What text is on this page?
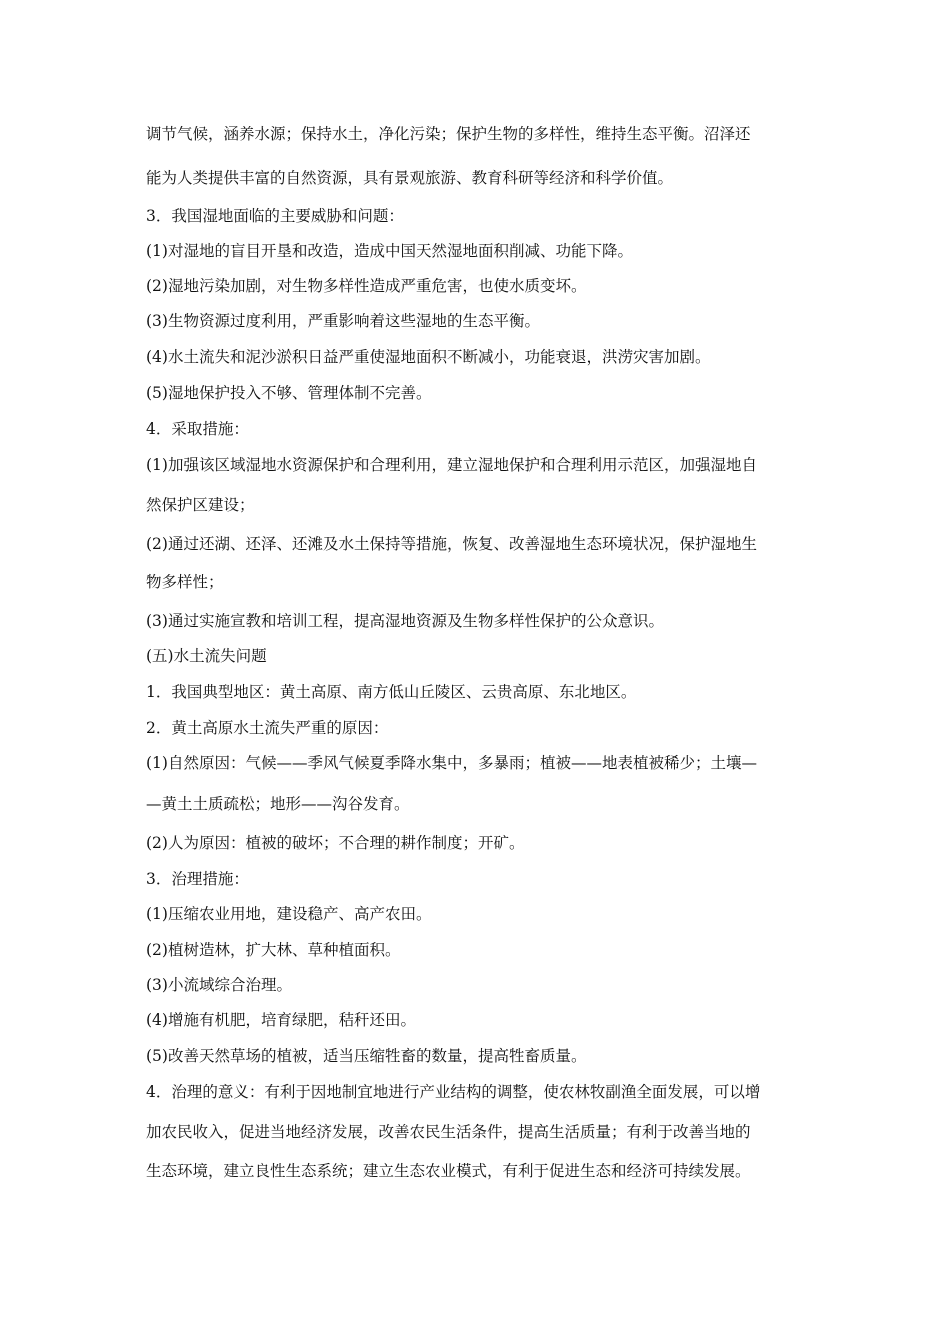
调节气候，涵养水源；保持水土，净化污染；保护生物的多样性，维持生态平衡。沼泽还
能为人类提供丰富的自然资源，具有景观旅游、教育科研等经济和科学价值。
3．我国湿地面临的主要威胁和问题：
(1)对湿地的盲目开垦和改造，造成中国天然湿地面积削减、功能下降。
(2)湿地污染加剧，对生物多样性造成严重危害，也使水质变坏。
(3)生物资源过度利用，严重影响着这些湿地的生态平衡。
(4)水土流失和泥沙淤积日益严重使湿地面积不断减小，功能衰退，洪涝灾害加剧。
(5)湿地保护投入不够、管理体制不完善。
4．采取措施：
(1)加强该区域湿地水资源保护和合理利用，建立湿地保护和合理利用示范区，加强湿地自
然保护区建设；
(2)通过还湖、还泽、还滩及水土保持等措施，恢复、改善湿地生态环境状况，保护湿地生
物多样性；
(3)通过实施宣教和培训工程，提高湿地资源及生物多样性保护的公众意识。
(五)水土流失问题
1．我国典型地区：黄土高原、南方低山丘陵区、云贵高原、东北地区。
2．黄土高原水土流失严重的原因：
(1)自然原因：气候——季风气候夏季降水集中，多暴雨；植被——地表植被稀少；土壤—
—黄土土质疏松；地形——沟谷发育。
(2)人为原因：植被的破坏；不合理的耕作制度；开矿。
3．治理措施：
(1)压缩农业用地，建设稳产、高产农田。
(2)植树造林，扩大林、草种植面积。
(3)小流域综合治理。
(4)增施有机肥，培育绿肥，秸秆还田。
(5)改善天然草场的植被，适当压缩牲畜的数量，提高牲畜质量。
4．治理的意义：有利于因地制宜地进行产业结构的调整，使农林牧副渔全面发展，可以增
加农民收入，促进当地经济发展，改善农民生活条件，提高生活质量；有利于改善当地的
生态环境，建立良性生态系统；建立生态农业模式，有利于促进生态和经济可持续发展。
